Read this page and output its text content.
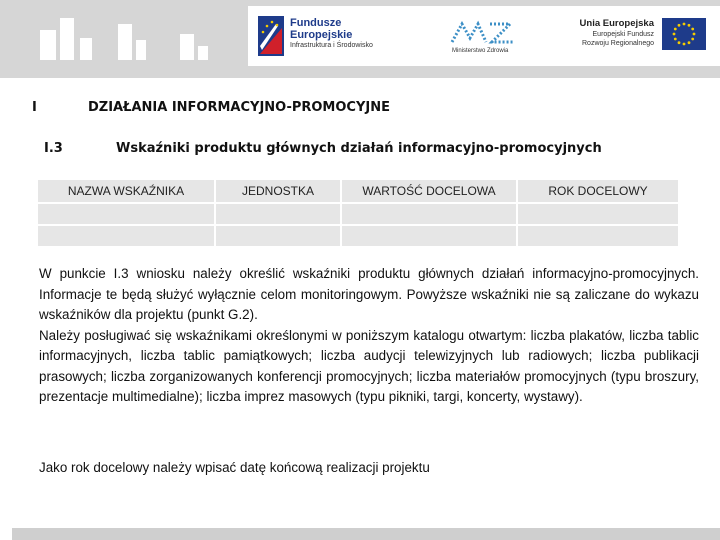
Fundusze
Europejskie
Infrastruktura i Środowisko
Ministerstwo Zdrowia
Unia Europejska
Europejski Fundusz
Rozwoju Regionalnego
I	DZIAŁANIA INFORMACYJNO-PROMOCYJNE
I.3	Wskaźniki produktu głównych działań informacyjno-promocyjnych
NAZWA WSKAŹNIKA	JEDNOSTKA	WARTOŚĆ DOCELOWA	ROK DOCELOWY

W punkcie I.3 wniosku należy określić wskaźniki produktu głównych działań informacyjno-promocyjnych. Informacje te będą służyć wyłącznie celom monitoringowym. Powyższe wskaźniki nie są zaliczane do wykazu wskaźników dla projektu (punkt G.2).

Należy posługiwać się wskaźnikami określonymi w poniższym katalogu otwartym: liczba plakatów, liczba tablic informacyjnych, liczba tablic pamiątkowych; liczba audycji telewizyjnych lub radiowych; liczba publikacji prasowych; liczba zorganizowanych konferencji promocyjnych; liczba materiałów promocyjnych (typu broszury, prezentacje multimedialne); liczba imprez masowych (typu pikniki, targi, koncerty, wystawy).

Jako rok docelowy należy wpisać datę końcową realizacji projektu
